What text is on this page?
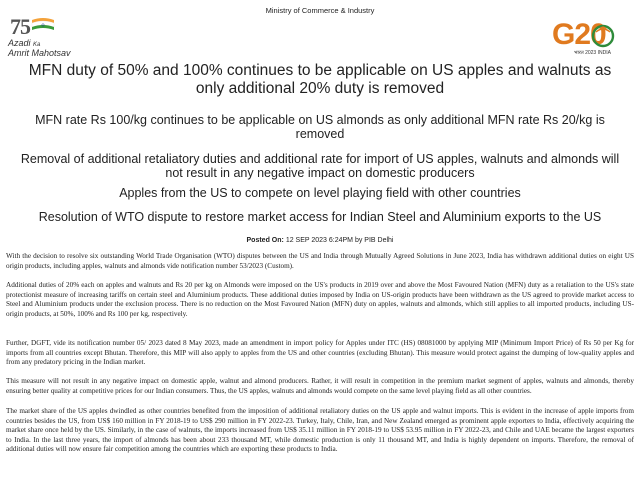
Ministry of Commerce & Industry
75
Azadi Ka
Amrit Mahotsav
G20
भारत 2023 INDIA
MFN duty of 50% and 100% continues to be applicable on US apples and walnuts as only additional 20% duty is removed
MFN rate Rs 100/kg continues to be applicable on US almonds as only additional MFN rate Rs 20/kg is removed
Removal of additional retaliatory duties and additional rate for import of US apples, walnuts and almonds will not result in any negative impact on domestic producers
Apples from the US to compete on level playing field with other countries
Resolution of WTO dispute to restore market access for Indian Steel and Aluminium exports to the US
Posted On: 12 SEP 2023 6:24PM by PIB Delhi
With the decision to resolve six outstanding World Trade Organisation (WTO) disputes between the US and India through Mutually Agreed Solutions in June 2023, India has withdrawn additional duties on eight US origin products, including apples, walnuts and almonds vide notification number 53/2023 (Custom).
Additional duties of 20% each on apples and walnuts and Rs 20 per kg on Almonds were imposed on the US's products in 2019 over and above the Most Favoured Nation (MFN) duty as a retaliation to the US's state protectionist measure of increasing tariffs on certain steel and Aluminium products. These additional duties imposed by India on US-origin products have been withdrawn as the US agreed to provide market access to Steel and Aluminium products under the exclusion process. There is no reduction on the Most Favoured Nation (MFN) duty on apples, walnuts and almonds, which still applies to all imported products, including US-origin products, at 50%, 100% and Rs 100 per kg, respectively.
Further, DGFT, vide its notification number 05/ 2023 dated 8 May 2023, made an amendment in import policy for Apples under ITC (HS) 08081000 by applying MIP (Minimum Import Price) of Rs 50 per Kg for imports from all countries except Bhutan. Therefore, this MIP will also apply to apples from the US and other countries (excluding Bhutan). This measure would protect against the dumping of low-quality apples and from any predatory pricing in the Indian market.
This measure will not result in any negative impact on domestic apple, walnut and almond producers. Rather, it will result in competition in the premium market segment of apples, walnuts and almonds, thereby ensuring better quality at competitive prices for our Indian consumers. Thus, the US apples, walnuts and almonds would compete on the same level playing field as all other countries.
The market share of the US apples dwindled as other countries benefited from the imposition of additional retaliatory duties on the US apple and walnut imports. This is evident in the increase of apple imports from countries besides the US, from US$ 160 million in FY 2018-19 to US$ 290 million in FY 2022-23. Turkey, Italy, Chile, Iran, and New Zealand emerged as prominent apple exporters to India, effectively acquiring the market share once held by the US. Similarly, in the case of walnuts, the imports increased from US$ 35.11 million in FY 2018-19 to US$ 53.95 million in FY 2022-23, and Chile and UAE became the largest exporters to India. In the last three years, the import of almonds has been about 233 thousand MT, while domestic production is only 11 thousand MT, and India is highly dependent on imports. Therefore, the removal of additional duties will now ensure fair competition among the countries which are exporting these products to India.
